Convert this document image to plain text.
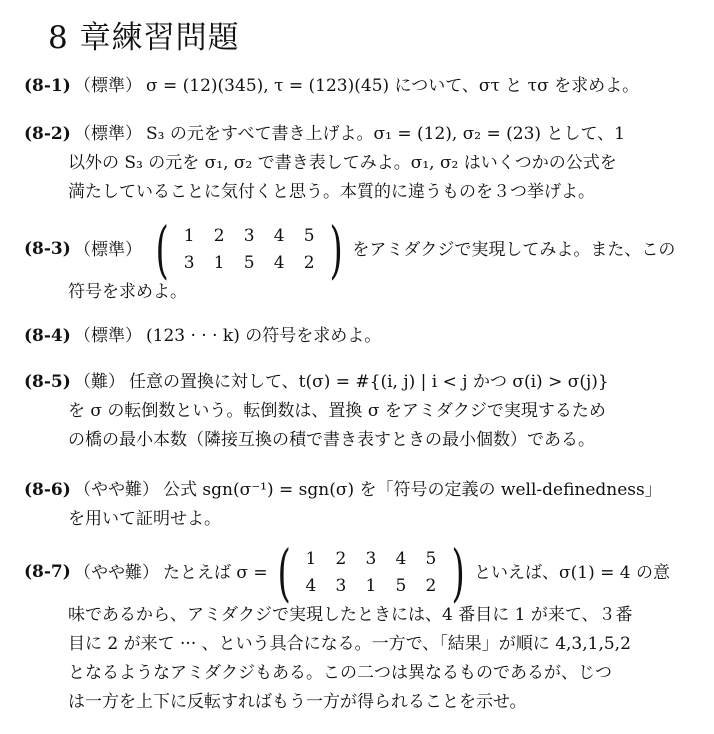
8 章練習問題
(8-1) （標準） σ = (12)(345), τ = (123)(45) について、στ と τσ を求めよ。
(8-2) （標準） S₃ の元をすべて書き上げよ。σ₁ = (12), σ₂ = (23) として、1
以外の S₃ の元を σ₁, σ₂ で書き表してみよ。σ₁, σ₂ はいくつかの公式を
満たしていることに気付くと思う。本質的に違うものを３つ挙げよ。
(8-3) （標準） ( 1	2	3	4	5
3	1	5	4	2 ) をアミダクジで実現してみよ。また、この
符号を求めよ。
(8-4) （標準） (123 · · · k) の符号を求めよ。
(8-5) （難） 任意の置換に対して、t(σ) = #{(i, j) | i < j かつ σ(i) > σ(j)}
を σ の転倒数という。転倒数は、置換 σ をアミダクジで実現するため
の橋の最小本数（隣接互換の積で書き表すときの最小個数）である。
(8-6) （やや難） 公式 sgn(σ⁻¹) = sgn(σ) を「符号の定義の well-definedness」
を用いて証明せよ。
(8-7) （やや難） たとえば σ = ( 1	2	3	4	5
4	3	1	5	2 ) といえば、σ(1) = 4 の意
味であるから、アミダクジで実現したときには、4 番目に 1 が来て、３番
目に 2 が来て ··· 、という具合になる。一方で、「結果」が順に 4,3,1,5,2
となるようなアミダクジもある。この二つは異なるものであるが、じつ
は一方を上下に反転すればもう一方が得られることを示せ。
